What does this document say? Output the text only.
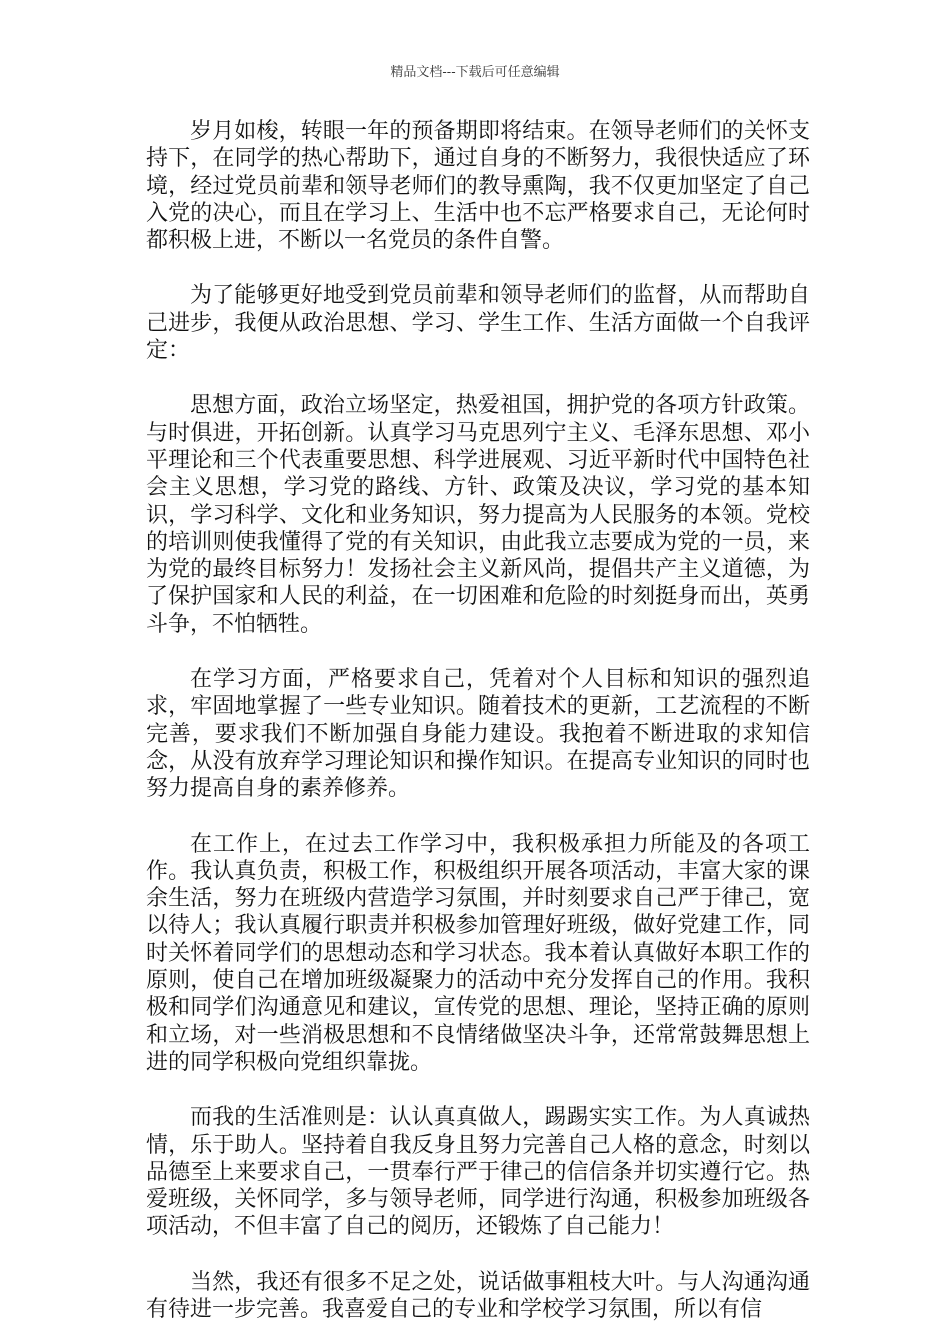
精品文档---下载后可任意编辑

岁月如梭，转眼一年的预备期即将结束。在领导老师们的关怀支持下，在同学的热心帮助下，通过自身的不断努力，我很快适应了环境，经过党员前辈和领导老师们的教导熏陶，我不仅更加坚定了自己入党的决心，而且在学习上、生活中也不忘严格要求自己，无论何时都积极上进，不断以一名党员的条件自警。

为了能够更好地受到党员前辈和领导老师们的监督，从而帮助自己进步，我便从政治思想、学习、学生工作、生活方面做一个自我评定：

思想方面，政治立场坚定，热爱祖国，拥护党的各项方针政策。与时俱进，开拓创新。认真学习马克思列宁主义、毛泽东思想、邓小平理论和三个代表重要思想、科学进展观、习近平新时代中国特色社会主义思想，学习党的路线、方针、政策及决议，学习党的基本知识，学习科学、文化和业务知识，努力提高为人民服务的本领。党校的培训则使我懂得了党的有关知识，由此我立志要成为党的一员，来为党的最终目标努力！发扬社会主义新风尚，提倡共产主义道德，为了保护国家和人民的利益，在一切困难和危险的时刻挺身而出，英勇斗争，不怕牺牲。

在学习方面，严格要求自己，凭着对个人目标和知识的强烈追求，牢固地掌握了一些专业知识。随着技术的更新，工艺流程的不断完善，要求我们不断加强自身能力建设。我抱着不断进取的求知信念，从没有放弃学习理论知识和操作知识。在提高专业知识的同时也努力提高自身的素养修养。

在工作上，在过去工作学习中，我积极承担力所能及的各项工作。我认真负责，积极工作，积极组织开展各项活动，丰富大家的课余生活，努力在班级内营造学习氛围，并时刻要求自己严于律己，宽以待人；我认真履行职责并积极参加管理好班级，做好党建工作，同时关怀着同学们的思想动态和学习状态。我本着认真做好本职工作的原则，使自己在增加班级凝聚力的活动中充分发挥自己的作用。我积极和同学们沟通意见和建议，宣传党的思想、理论，坚持正确的原则和立场，对一些消极思想和不良情绪做坚决斗争，还常常鼓舞思想上进的同学积极向党组织靠拢。

而我的生活准则是：认认真真做人，踢踢实实工作。为人真诚热情，乐于助人。坚持着自我反身且努力完善自己人格的意念，时刻以品德至上来要求自己，一贯奉行严于律己的信信条并切实遵行它。热爱班级，关怀同学，多与领导老师，同学进行沟通，积极参加班级各项活动，不但丰富了自己的阅历，还锻炼了自己能力！

当然，我还有很多不足之处，说话做事粗枝大叶。与人沟通沟通有待进一步完善。我喜爱自己的专业和学校学习氛围，所以有信
